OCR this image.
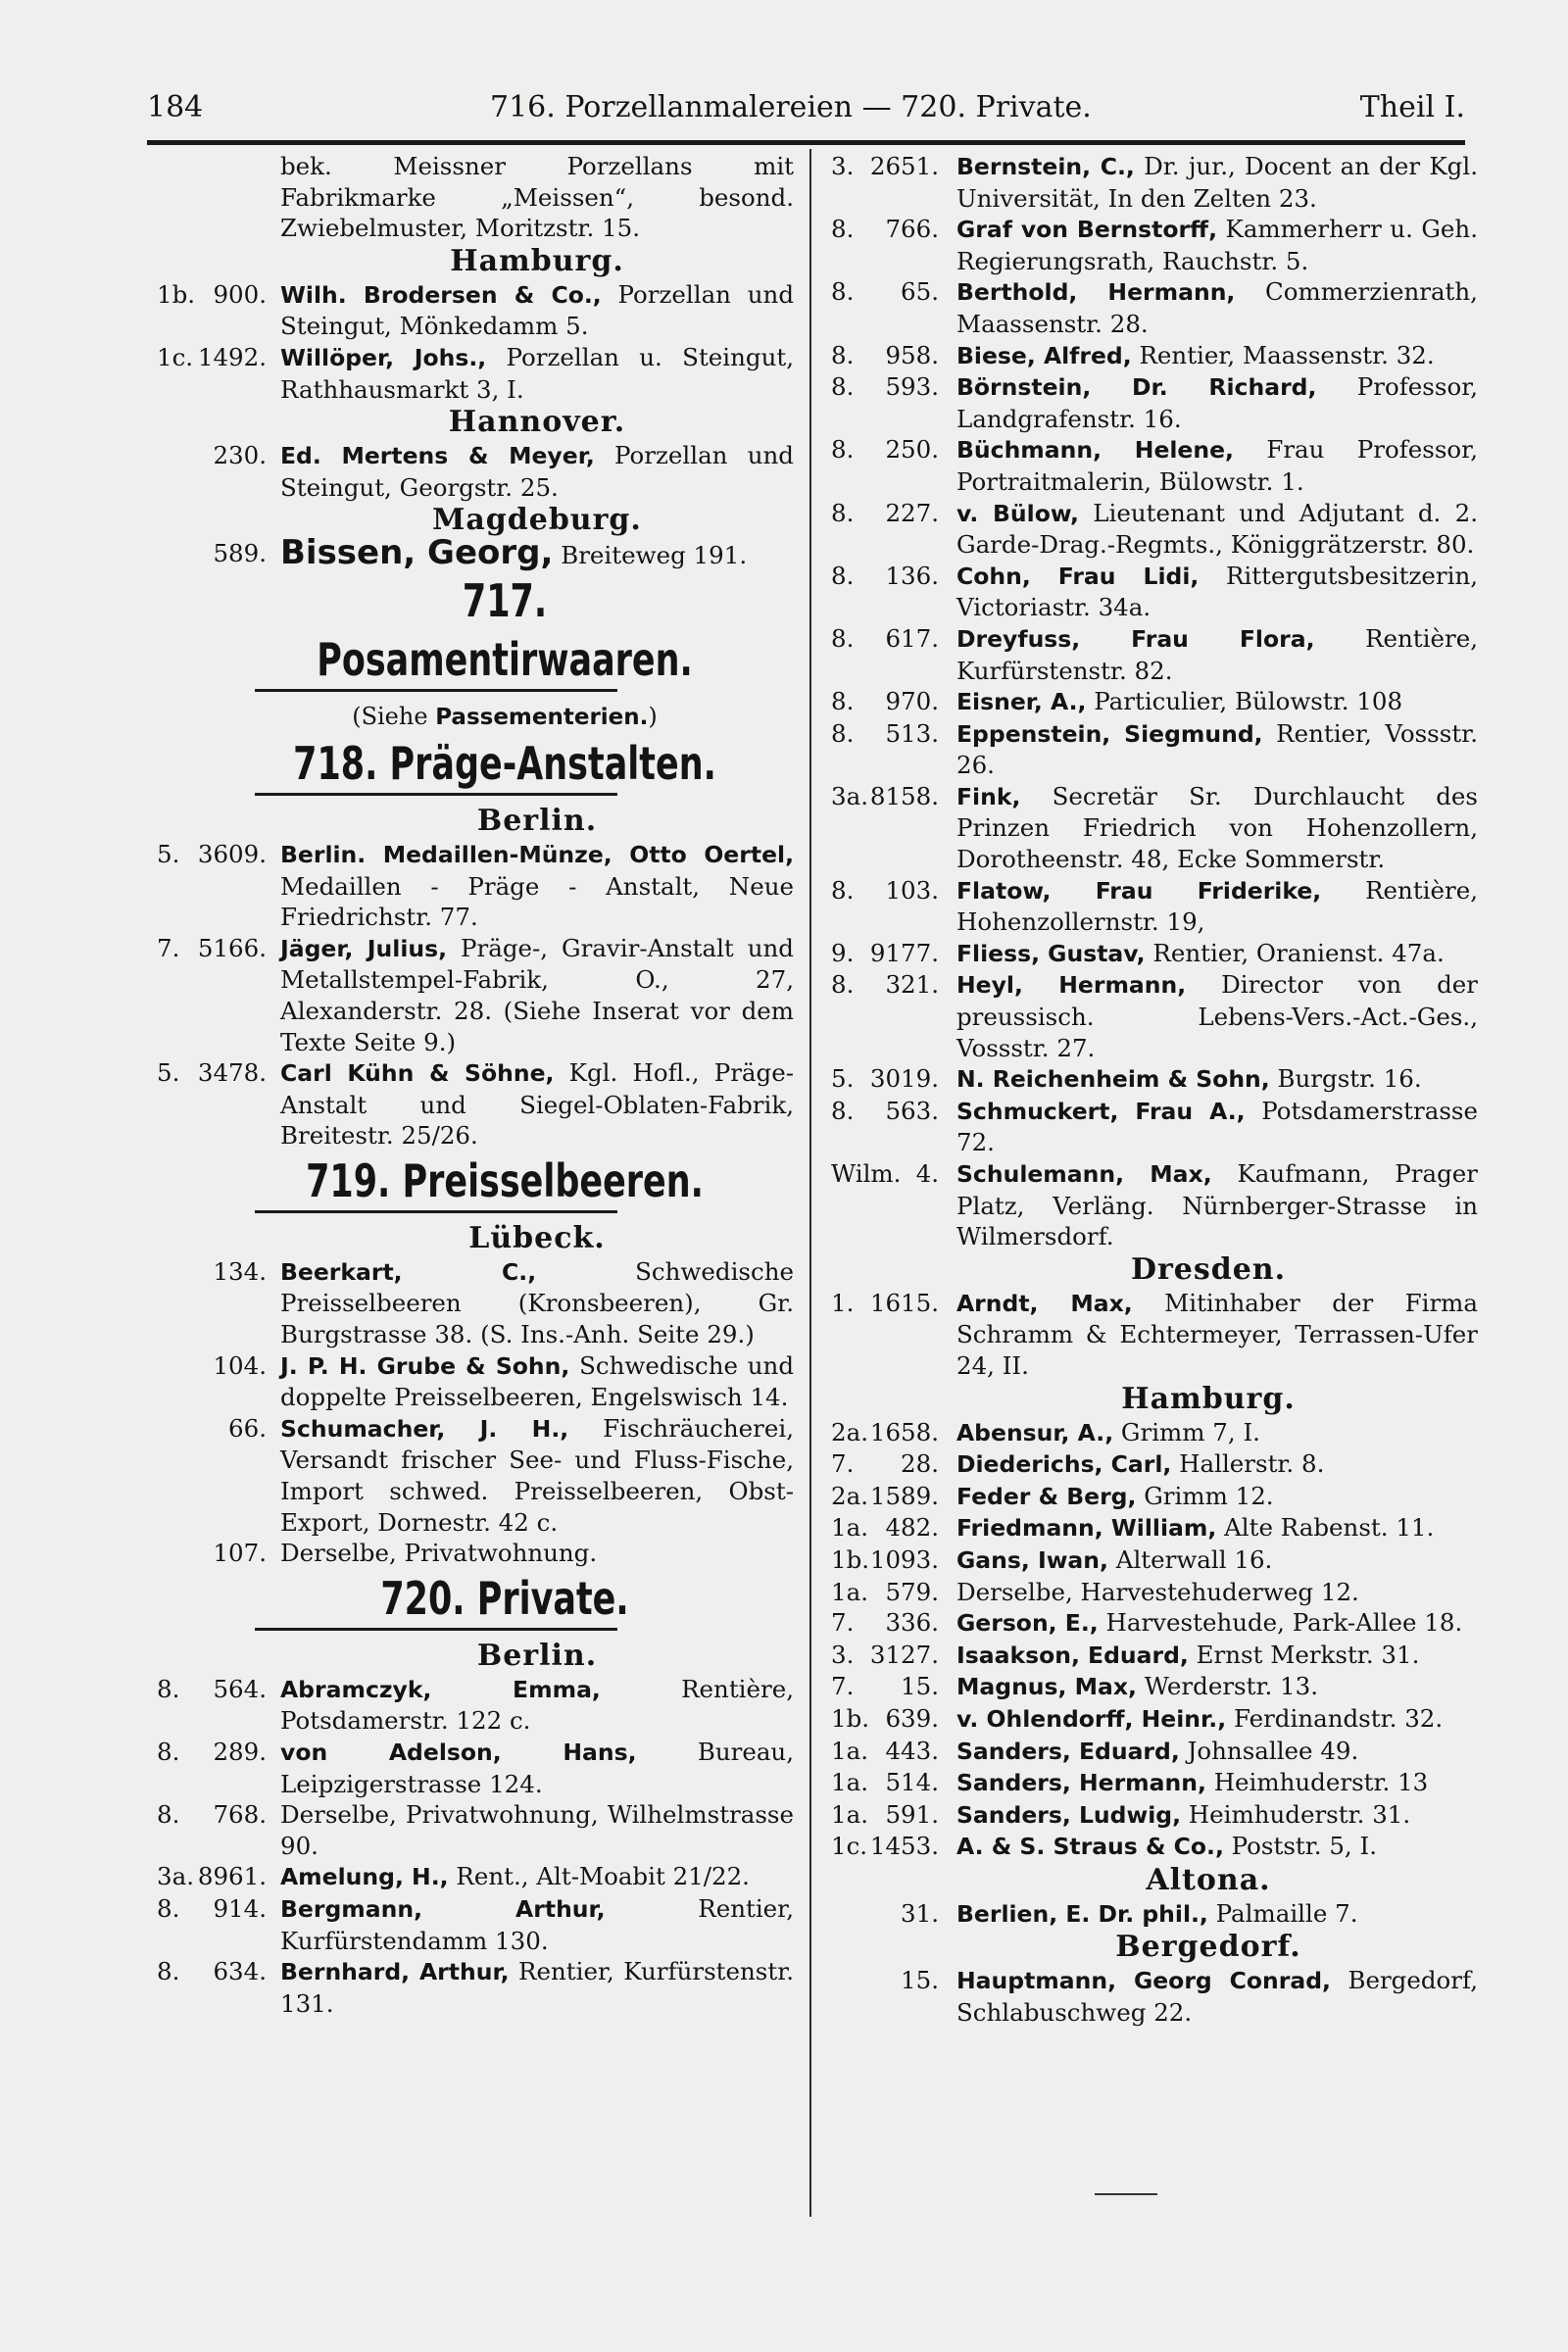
184	716. Porzellanmalereien — 720. Private.	Theil I.
bek. Meissner Porzellans mit Fabrikmarke „Meissen“, besond. Zwiebelmuster, Moritzstr. 15.
Hamburg.
1b. 900. Wilh. Brodersen & Co., Porzellan und Steingut, Mönkedamm 5.
1c. 1492. Willöper, Johs., Porzellan u. Steingut, Rathhausmarkt 3, I.
Hannover.
230. Ed. Mertens & Meyer, Porzellan und Steingut, Georgstr. 25.
Magdeburg.
589. Bissen, Georg, Breiteweg 191.
717. Posamentirwaaren.
(Siehe Passementerien.)
718. Präge-Anstalten.
Berlin.
5. 3609. Berlin. Medaillen-Münze, Otto Oertel, Medaillen - Präge - Anstalt, Neue Friedrichstr. 77.
7. 5166. Jäger, Julius, Präge-, Gravir-Anstalt und Metallstempel-Fabrik, O., 27, Alexanderstr. 28. (Siehe Inserat vor dem Texte Seite 9.)
5. 3478. Carl Kühn & Söhne, Kgl. Hofl., Präge-Anstalt und Siegel-Oblaten-Fabrik, Breitestr. 25/26.
719. Preisselbeeren.
Lübeck.
134. Beerkart, C.,	Schwedische Preisselbeeren (Kronsbeeren), Gr. Burgstrasse 38. (S. Ins.-Anh. Seite 29.)
104. J. P. H. Grube & Sohn, Schwedische und doppelte Preisselbeeren, Engelswisch 14.
66. Schumacher, J. H., Fischräucherei, Versandt frischer See- und Fluss-Fische, Import schwed. Preisselbeeren, Obst-Export, Dornestr. 42 c.
107. Derselbe, Privatwohnung.
720. Private.
Berlin.
8.	564. Abramczyk, Emma,	Rentière, Potsdamerstr. 122 c.
8.	289. von Adelson, Hans,	Bureau, Leipzigerstrasse 124.
8.	768. Derselbe, Privatwohnung, Wilhelmstrasse 90.
3a. 8961. Amelung, H., Rent., Alt-Moabit 21/22.
8.	914. Bergmann, Arthur,	Rentier, Kurfürstendamm 130.
8.	634. Bernhard, Arthur, Rentier, Kurfürstenstr. 131.
3. 2651. Bernstein, C., Dr. jur., Docent an der Kgl. Universität, In den Zelten 23.
8.	766. Graf von Bernstorff, Kammerherr u. Geh. Regierungsrath, Rauchstr. 5.
8.	65. Berthold, Hermann, Commerzienrath, Maassenstr. 28.
8.	958. Biese, Alfred, Rentier, Maassenstr. 32.
8.	593. Börnstein, Dr. Richard, Professor, Landgrafenstr. 16.
8.	250. Büchmann, Helene, Frau Professor, Portraitmalerin, Bülowstr. 1.
8.	227. v. Bülow, Lieutenant und Adjutant d. 2. Garde-Drag.-Regmts., Königgrätzerstr. 80.
8.	136. Cohn, Frau Lidi, Rittergutsbesitzerin, Victoriastr. 34a.
8.	617. Dreyfuss, Frau Flora, Rentière, Kurfürstenstr. 82.
8.	970. Eisner, A., Particulier, Bülowstr. 108
8.	513. Eppenstein, Siegmund, Rentier, Vossstr. 26.
3a. 8158. Fink, Secretär Sr. Durchlaucht des Prinzen Friedrich von Hohenzollern, Dorotheenstr. 48, Ecke Sommerstr.
8.	103. Flatow, Frau Friderike, Rentière, Hohenzollernstr. 19,
9. 9177. Fliess, Gustav, Rentier, Oranienst. 47a.
8.	321. Heyl, Hermann, Director von der preussisch. Lebens-Vers.-Act.-Ges., Vossstr. 27.
5. 3019. N. Reichenheim & Sohn, Burgstr. 16.
8.	563. Schmuckert, Frau A., Potsdamerstrasse 72.
Wilm. 4. Schulemann, Max, Kaufmann, Prager Platz, Verläng. Nürnberger-Strasse in Wilmersdorf.
Dresden.
1. 1615. Arndt, Max, Mitinhaber der Firma Schramm & Echtermeyer, Terrassen-Ufer 24, II.
Hamburg.
2a. 1658. Abensur, A., Grimm 7, I.
7.	28. Diederichs, Carl, Hallerstr. 8.
2a. 1589. Feder & Berg, Grimm 12.
1a. 482. Friedmann, William, Alte Rabenst. 11.
1b. 1093. Gans, Iwan, Alterwall 16.
1a. 579. Derselbe, Harvestehuderweg 12.
7.	336. Gerson, E., Harvestehude, Park-Allee 18.
3. 3127. Isaakson, Eduard, Ernst Merkstr. 31.
7.	15. Magnus, Max, Werderstr. 13.
1b. 639. v. Ohlendorff, Heinr., Ferdinandstr. 32.
1a. 443. Sanders, Eduard, Johnsallee 49.
1a. 514. Sanders, Hermann, Heimhuderstr. 13
1a. 591. Sanders, Ludwig, Heimhuderstr. 31.
1c. 1453. A. & S. Straus & Co., Poststr. 5, I.
Altona.
31. Berlien, E. Dr. phil., Palmaille 7.
Bergedorf.
15. Hauptmann, Georg Conrad, Bergedorf, Schlabuschweg 22.
